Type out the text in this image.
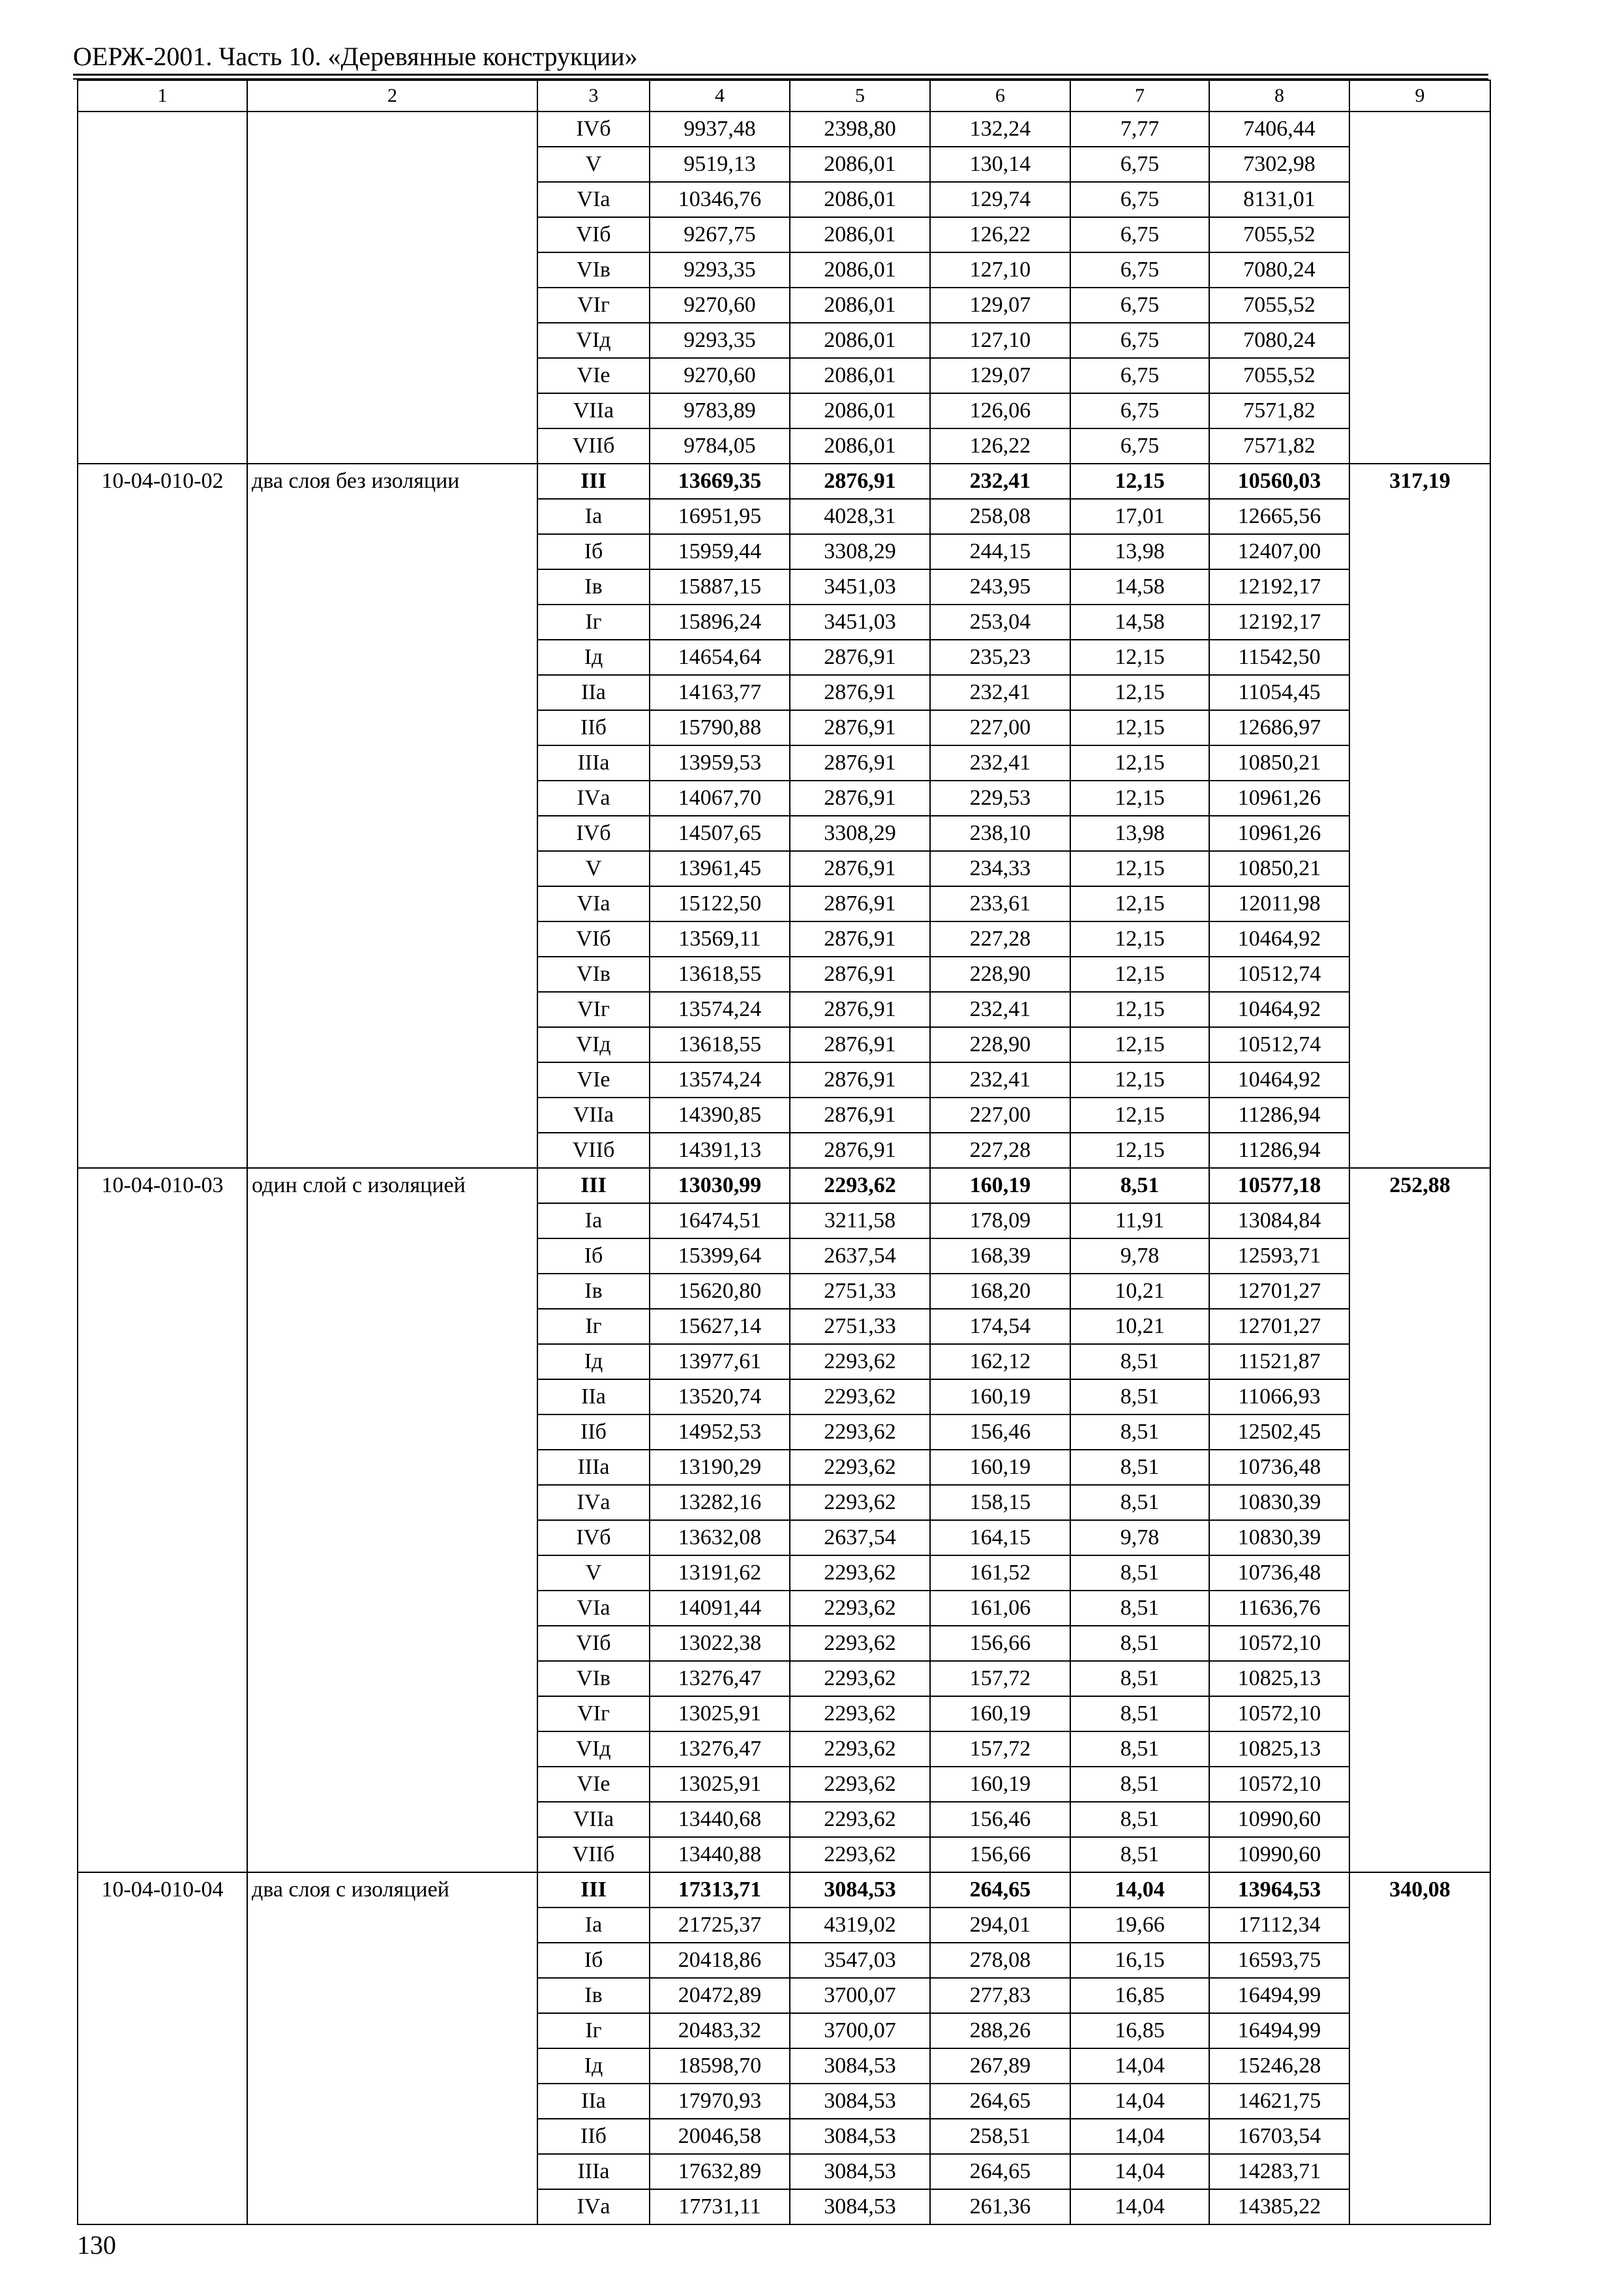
ОЕРЖ-2001. Часть 10. «Деревянные конструкции»
1	2	3	4	5	6	7	8	9
		IVб	9937,48	2398,80	132,24	7,77	7406,44	
		V	9519,13	2086,01	130,14	6,75	7302,98	
		VIа	10346,76	2086,01	129,74	6,75	8131,01	
		VIб	9267,75	2086,01	126,22	6,75	7055,52	
		VIв	9293,35	2086,01	127,10	6,75	7080,24	
		VIг	9270,60	2086,01	129,07	6,75	7055,52	
		VIд	9293,35	2086,01	127,10	6,75	7080,24	
		VIе	9270,60	2086,01	129,07	6,75	7055,52	
		VIIа	9783,89	2086,01	126,06	6,75	7571,82	
		VIIб	9784,05	2086,01	126,22	6,75	7571,82	
10-04-010-02	два слоя без изоляции	III	13669,35	2876,91	232,41	12,15	10560,03	317,19
		Iа	16951,95	4028,31	258,08	17,01	12665,56	
		Iб	15959,44	3308,29	244,15	13,98	12407,00	
		Iв	15887,15	3451,03	243,95	14,58	12192,17	
		Iг	15896,24	3451,03	253,04	14,58	12192,17	
		Iд	14654,64	2876,91	235,23	12,15	11542,50	
		IIа	14163,77	2876,91	232,41	12,15	11054,45	
		IIб	15790,88	2876,91	227,00	12,15	12686,97	
		IIIа	13959,53	2876,91	232,41	12,15	10850,21	
		IVа	14067,70	2876,91	229,53	12,15	10961,26	
		IVб	14507,65	3308,29	238,10	13,98	10961,26	
		V	13961,45	2876,91	234,33	12,15	10850,21	
		VIа	15122,50	2876,91	233,61	12,15	12011,98	
		VIб	13569,11	2876,91	227,28	12,15	10464,92	
		VIв	13618,55	2876,91	228,90	12,15	10512,74	
		VIг	13574,24	2876,91	232,41	12,15	10464,92	
		VIд	13618,55	2876,91	228,90	12,15	10512,74	
		VIе	13574,24	2876,91	232,41	12,15	10464,92	
		VIIа	14390,85	2876,91	227,00	12,15	11286,94	
		VIIб	14391,13	2876,91	227,28	12,15	11286,94	
10-04-010-03	один слой с изоляцией	III	13030,99	2293,62	160,19	8,51	10577,18	252,88
		Iа	16474,51	3211,58	178,09	11,91	13084,84	
		Iб	15399,64	2637,54	168,39	9,78	12593,71	
		Iв	15620,80	2751,33	168,20	10,21	12701,27	
		Iг	15627,14	2751,33	174,54	10,21	12701,27	
		Iд	13977,61	2293,62	162,12	8,51	11521,87	
		IIа	13520,74	2293,62	160,19	8,51	11066,93	
		IIб	14952,53	2293,62	156,46	8,51	12502,45	
		IIIа	13190,29	2293,62	160,19	8,51	10736,48	
		IVа	13282,16	2293,62	158,15	8,51	10830,39	
		IVб	13632,08	2637,54	164,15	9,78	10830,39	
		V	13191,62	2293,62	161,52	8,51	10736,48	
		VIа	14091,44	2293,62	161,06	8,51	11636,76	
		VIб	13022,38	2293,62	156,66	8,51	10572,10	
		VIв	13276,47	2293,62	157,72	8,51	10825,13	
		VIг	13025,91	2293,62	160,19	8,51	10572,10	
		VIд	13276,47	2293,62	157,72	8,51	10825,13	
		VIе	13025,91	2293,62	160,19	8,51	10572,10	
		VIIа	13440,68	2293,62	156,46	8,51	10990,60	
		VIIб	13440,88	2293,62	156,66	8,51	10990,60	
10-04-010-04	два слоя с изоляцией	III	17313,71	3084,53	264,65	14,04	13964,53	340,08
		Iа	21725,37	4319,02	294,01	19,66	17112,34	
		Iб	20418,86	3547,03	278,08	16,15	16593,75	
		Iв	20472,89	3700,07	277,83	16,85	16494,99	
		Iг	20483,32	3700,07	288,26	16,85	16494,99	
		Iд	18598,70	3084,53	267,89	14,04	15246,28	
		IIа	17970,93	3084,53	264,65	14,04	14621,75	
		IIб	20046,58	3084,53	258,51	14,04	16703,54	
		IIIа	17632,89	3084,53	264,65	14,04	14283,71	
		IVа	17731,11	3084,53	261,36	14,04	14385,22	
130
